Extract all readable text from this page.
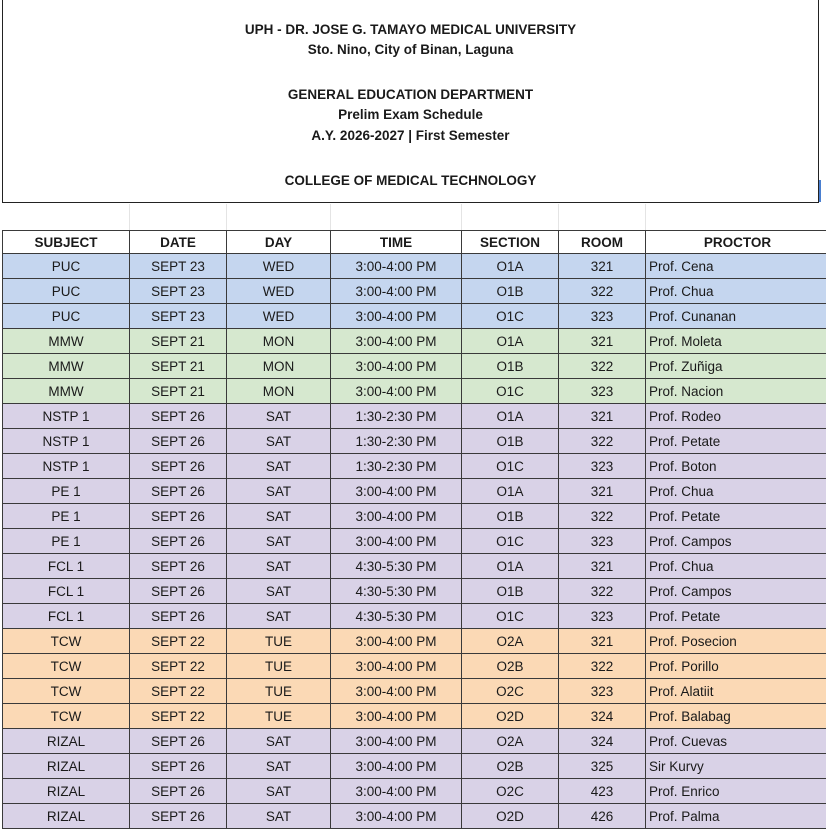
UPH - DR. JOSE G. TAMAYO MEDICAL UNIVERSITY
Sto. Nino, City of Binan, Laguna
GENERAL EDUCATION DEPARTMENT
Prelim Exam Schedule
A.Y. 2026-2027 | First Semester
COLLEGE OF MEDICAL TECHNOLOGY
SUBJECT	DATE	DAY	TIME	SECTION	ROOM	PROCTOR
PUC	SEPT 23	WED	3:00-4:00 PM	O1A	321	Prof. Cena
PUC	SEPT 23	WED	3:00-4:00 PM	O1B	322	Prof. Chua
PUC	SEPT 23	WED	3:00-4:00 PM	O1C	323	Prof. Cunanan
MMW	SEPT 21	MON	3:00-4:00 PM	O1A	321	Prof. Moleta
MMW	SEPT 21	MON	3:00-4:00 PM	O1B	322	Prof. Zuñiga
MMW	SEPT 21	MON	3:00-4:00 PM	O1C	323	Prof. Nacion
NSTP 1	SEPT 26	SAT	1:30-2:30 PM	O1A	321	Prof. Rodeo
NSTP 1	SEPT 26	SAT	1:30-2:30 PM	O1B	322	Prof. Petate
NSTP 1	SEPT 26	SAT	1:30-2:30 PM	O1C	323	Prof. Boton
PE 1	SEPT 26	SAT	3:00-4:00 PM	O1A	321	Prof. Chua
PE 1	SEPT 26	SAT	3:00-4:00 PM	O1B	322	Prof. Petate
PE 1	SEPT 26	SAT	3:00-4:00 PM	O1C	323	Prof. Campos
FCL 1	SEPT 26	SAT	4:30-5:30 PM	O1A	321	Prof. Chua
FCL 1	SEPT 26	SAT	4:30-5:30 PM	O1B	322	Prof. Campos
FCL 1	SEPT 26	SAT	4:30-5:30 PM	O1C	323	Prof. Petate
TCW	SEPT 22	TUE	3:00-4:00 PM	O2A	321	Prof. Posecion
TCW	SEPT 22	TUE	3:00-4:00 PM	O2B	322	Prof. Porillo
TCW	SEPT 22	TUE	3:00-4:00 PM	O2C	323	Prof. Alatiit
TCW	SEPT 22	TUE	3:00-4:00 PM	O2D	324	Prof. Balabag
RIZAL	SEPT 26	SAT	3:00-4:00 PM	O2A	324	Prof. Cuevas
RIZAL	SEPT 26	SAT	3:00-4:00 PM	O2B	325	Sir Kurvy
RIZAL	SEPT 26	SAT	3:00-4:00 PM	O2C	423	Prof. Enrico
RIZAL	SEPT 26	SAT	3:00-4:00 PM	O2D	426	Prof. Palma
